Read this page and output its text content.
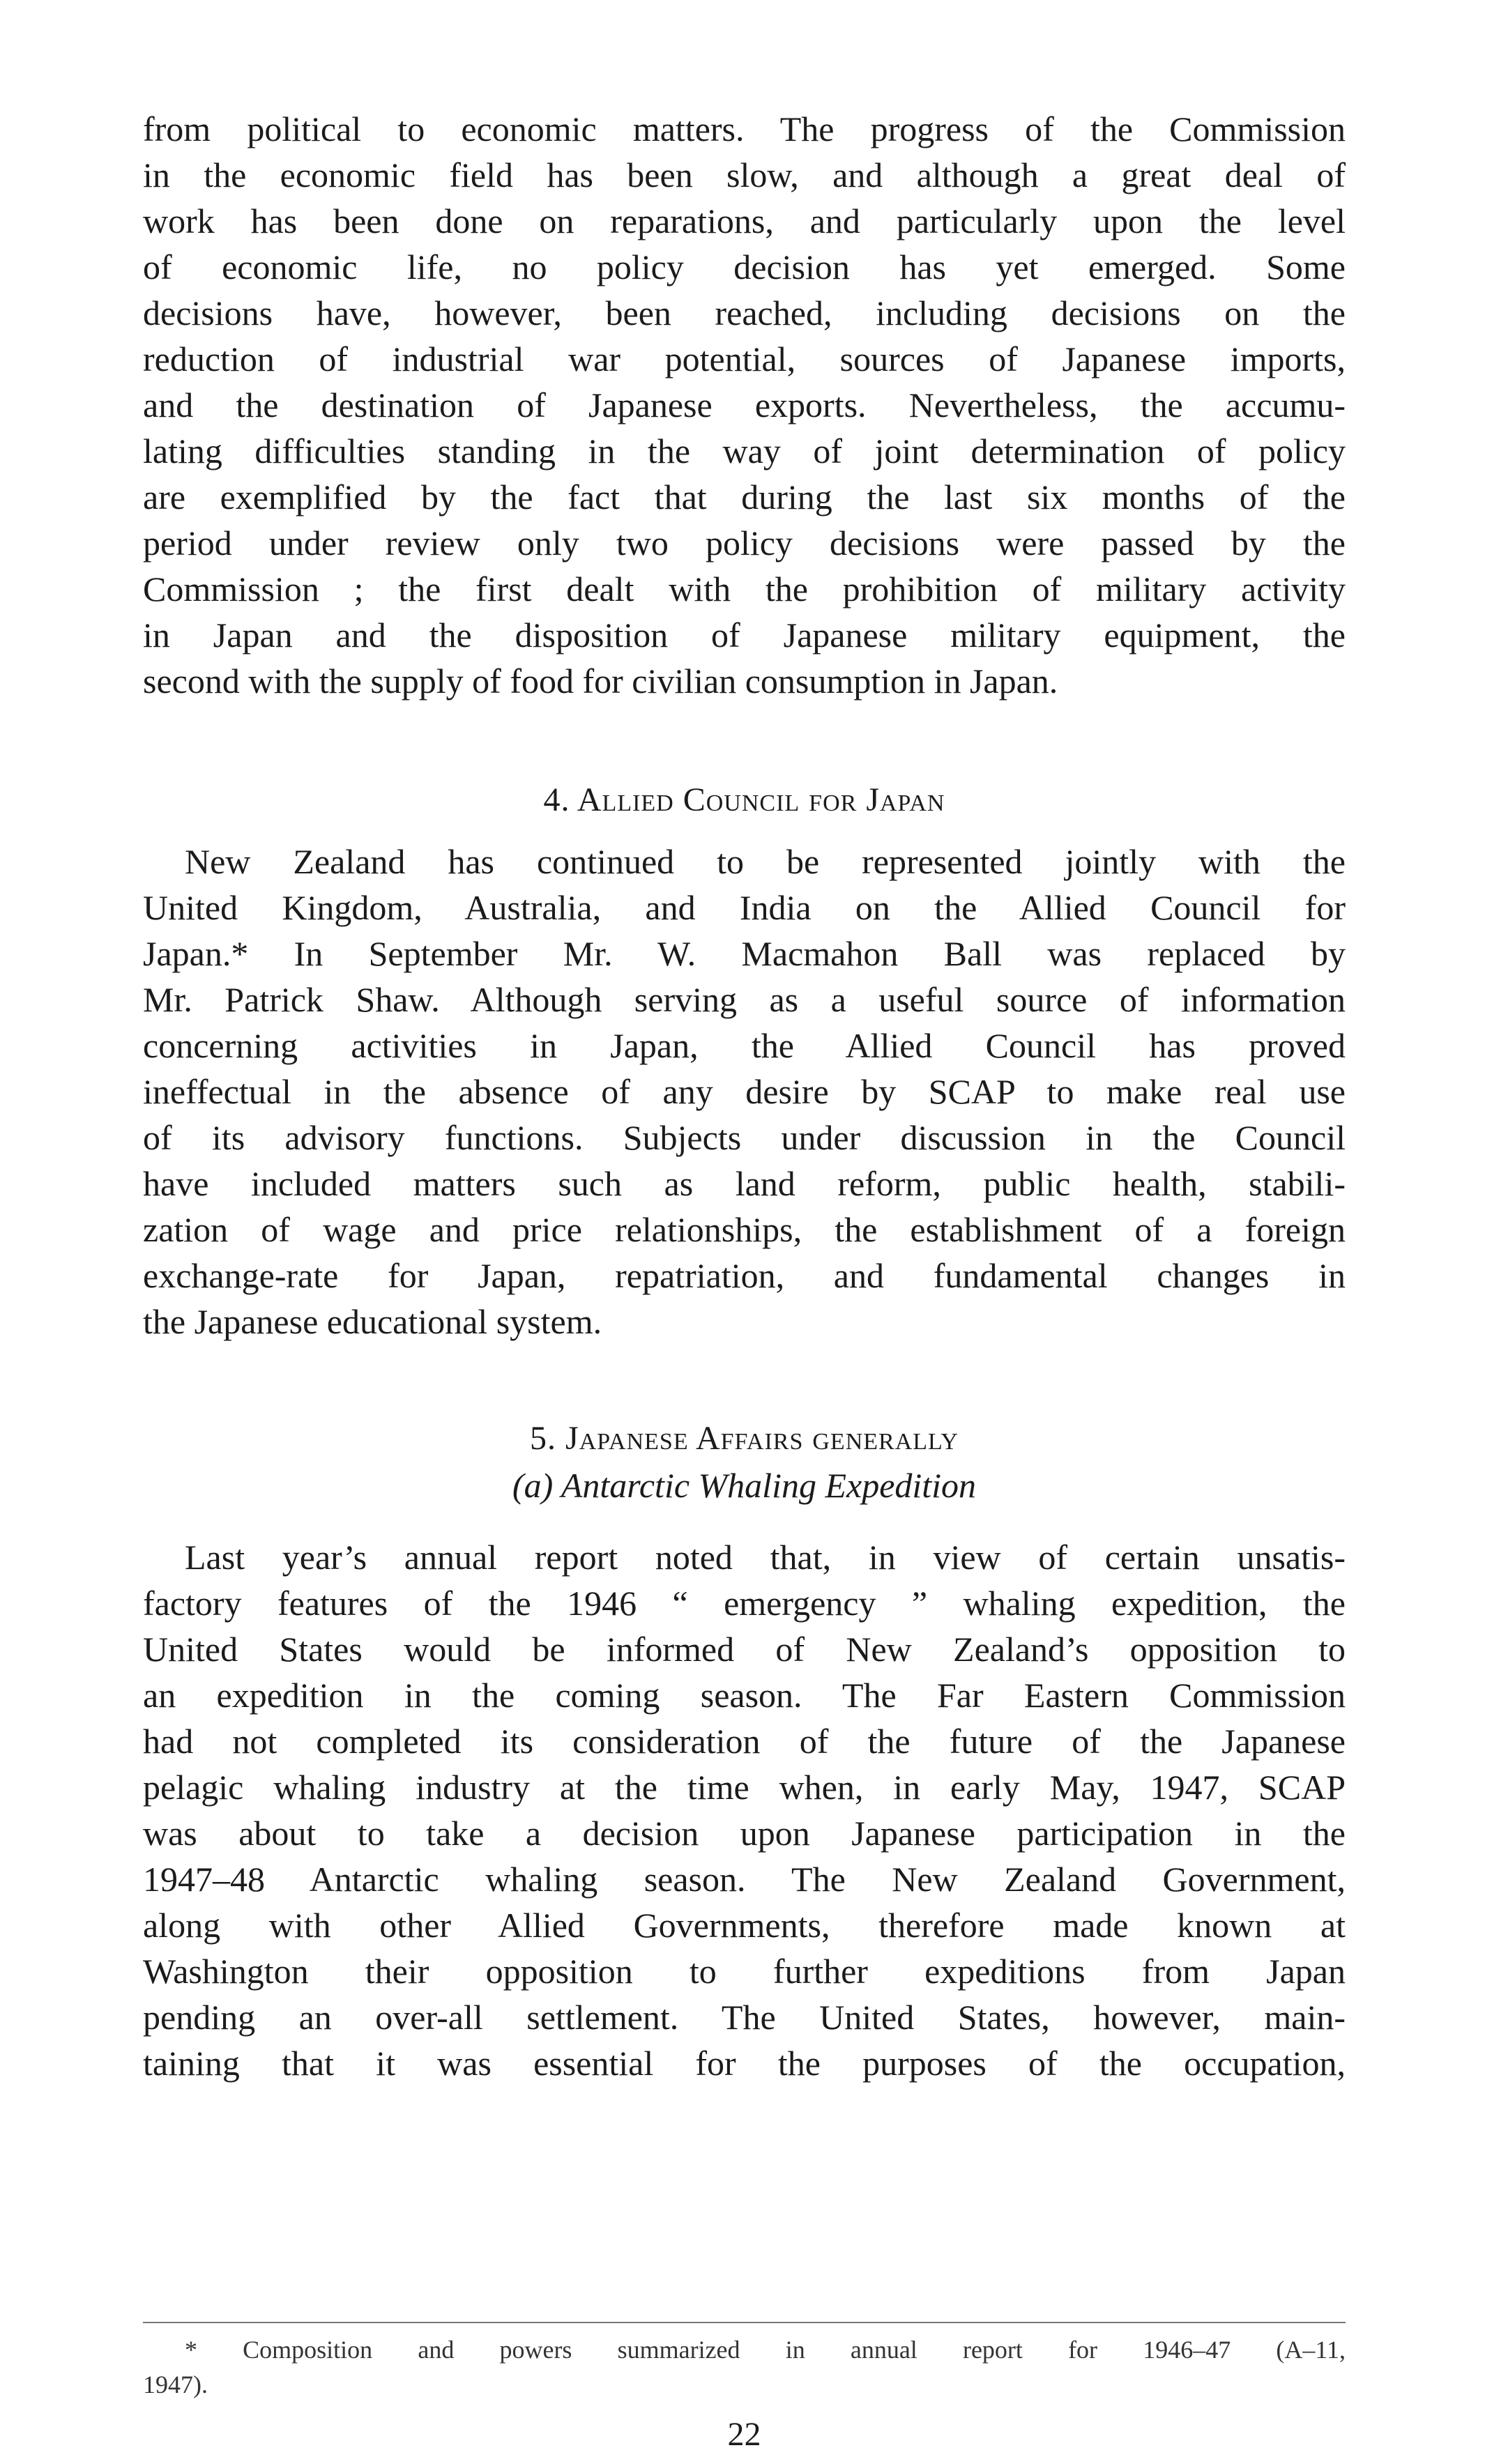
from political to economic matters. The progress of the Commission
in the economic field has been slow, and although a great deal of
work has been done on reparations, and particularly upon the level
of economic life, no policy decision has yet emerged. Some
decisions have, however, been reached, including decisions on the
reduction of industrial war potential, sources of Japanese imports,
and the destination of Japanese exports. Nevertheless, the accumu-
lating difficulties standing in the way of joint determination of policy
are exemplified by the fact that during the last six months of the
period under review only two policy decisions were passed by the
Commission ; the first dealt with the prohibition of military activity
in Japan and the disposition of Japanese military equipment, the
second with the supply of food for civilian consumption in Japan.
4. Allied Council for Japan
New Zealand has continued to be represented jointly with the
United Kingdom, Australia, and India on the Allied Council for
Japan.* In September Mr. W. Macmahon Ball was replaced by
Mr. Patrick Shaw. Although serving as a useful source of information
concerning activities in Japan, the Allied Council has proved
ineffectual in the absence of any desire by SCAP to make real use
of its advisory functions. Subjects under discussion in the Council
have included matters such as land reform, public health, stabili-
zation of wage and price relationships, the establishment of a foreign
exchange-rate for Japan, repatriation, and fundamental changes in
the Japanese educational system.
5. Japanese Affairs generally
(a) Antarctic Whaling Expedition
Last year’s annual report noted that, in view of certain unsatis-
factory features of the 1946 “ emergency ” whaling expedition, the
United States would be informed of New Zealand’s opposition to
an expedition in the coming season. The Far Eastern Commission
had not completed its consideration of the future of the Japanese
pelagic whaling industry at the time when, in early May, 1947, SCAP
was about to take a decision upon Japanese participation in the
1947–48 Antarctic whaling season. The New Zealand Government,
along with other Allied Governments, therefore made known at
Washington their opposition to further expeditions from Japan
pending an over-all settlement. The United States, however, main-
taining that it was essential for the purposes of the occupation,
* Composition and powers summarized in annual report for 1946–47 (A–11,
1947).
22
